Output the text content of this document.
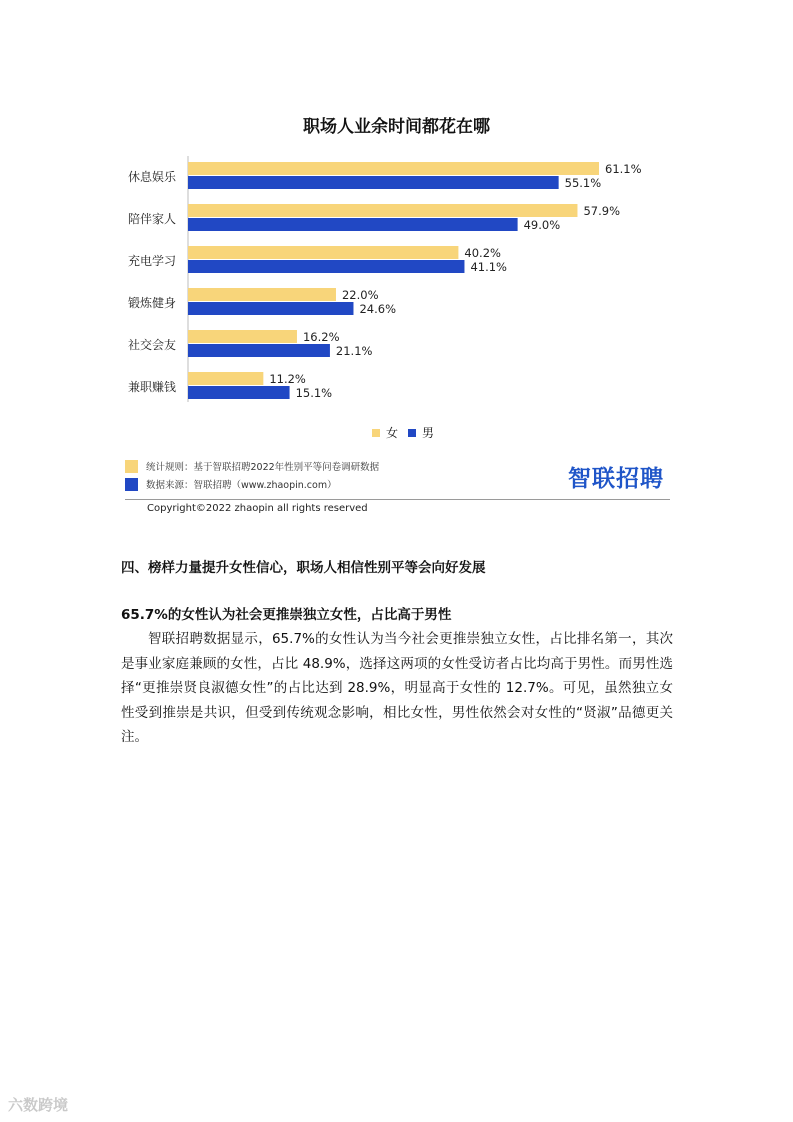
职场人业余时间都花在哪
休息娱乐
61.1%
55.1%
陪伴家人
57.9%
49.0%
充电学习
40.2%
41.1%
锻炼健身
22.0%
24.6%
社交会友
16.2%
21.1%
兼职赚钱
11.2%
15.1%
女 男
统计规则：基于智联招聘2022年性别平等问卷调研数据
数据来源：智联招聘（www.zhaopin.com）	智联招聘
Copyright©2022 zhaopin all rights reserved
四、榜样力量提升女性信心，职场人相信性别平等会向好发展
65.7%的女性认为社会更推崇独立女性，占比高于男性
智联招聘数据显示，65.7%的女性认为当今社会更推崇独立女性，占比排名第一，其次是事业家庭兼顾的女性，占比 48.9%，选择这两项的女性受访者占比均高于男性。而男性选择“更推崇贤良淑德女性”的占比达到 28.9%，明显高于女性的 12.7%。可见，虽然独立女性受到推崇是共识，但受到传统观念影响，相比女性，男性依然会对女性的“贤淑”品德更关注。
六数跨境
